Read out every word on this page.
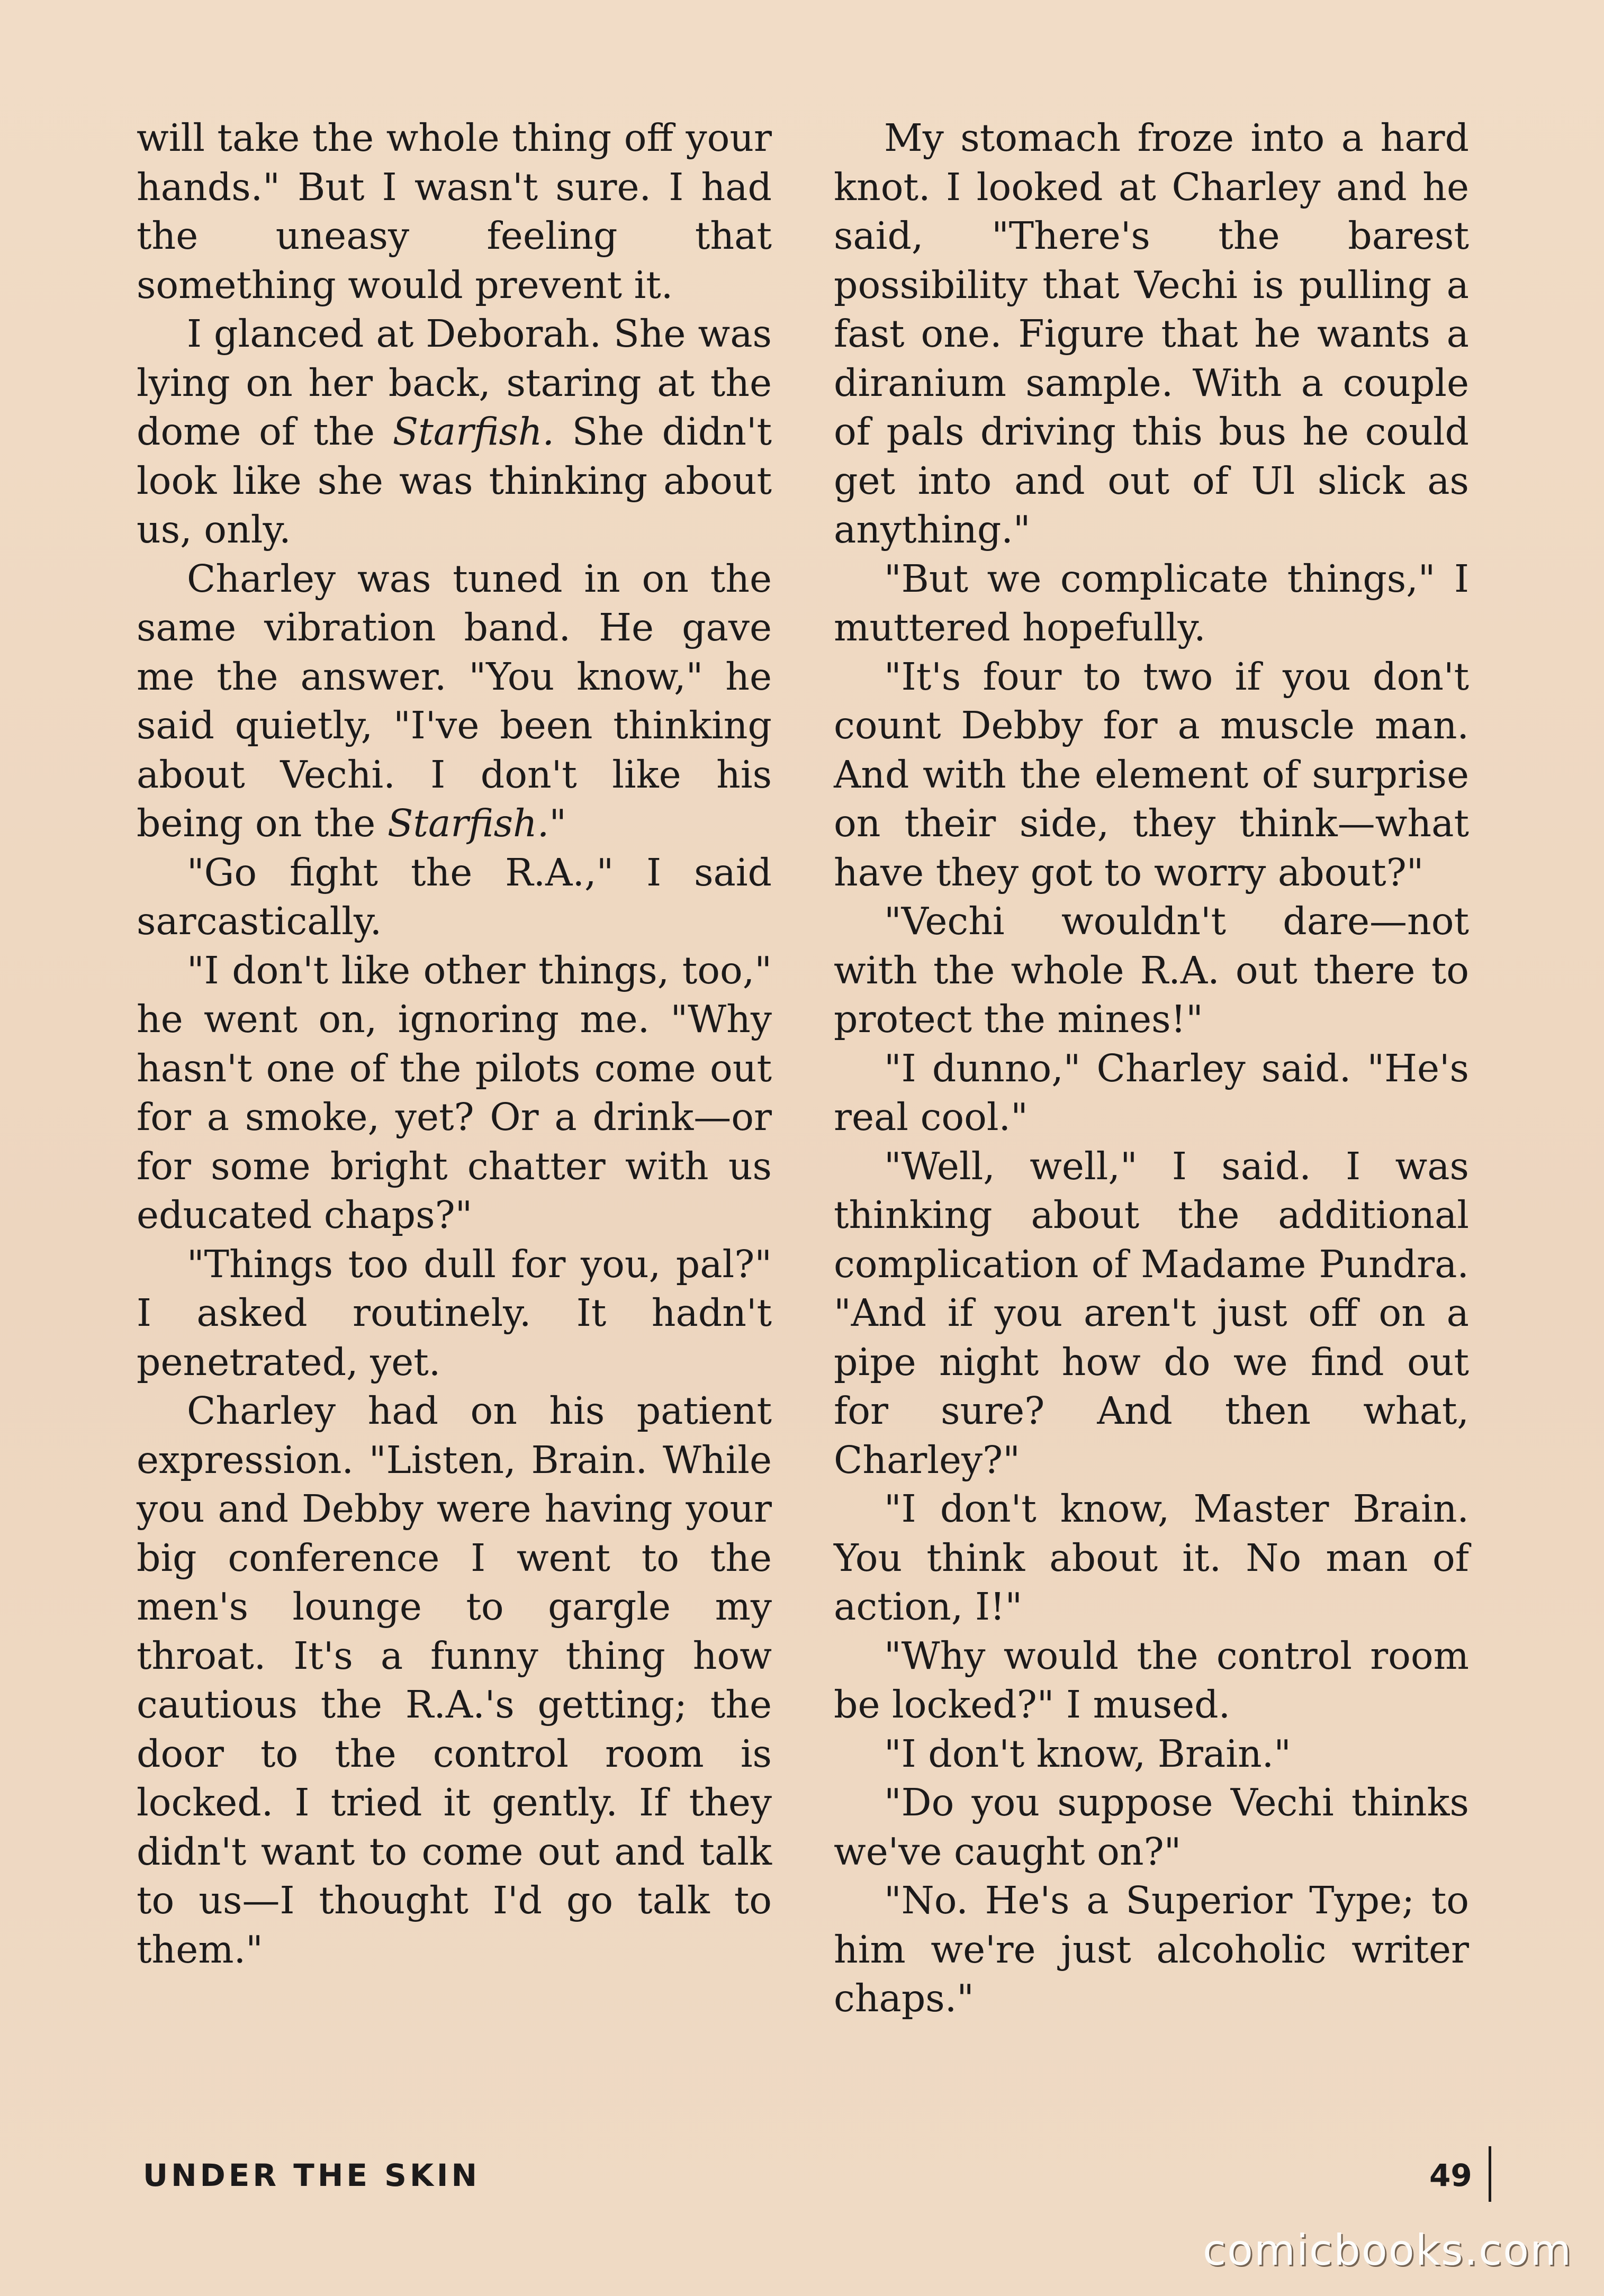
will take the whole thing off your hands." But I wasn't sure. I had the uneasy feeling that something would prevent it.

I glanced at Deborah. She was lying on her back, staring at the dome of the Starfish. She didn't look like she was thinking about us, only.

Charley was tuned in on the same vibration band. He gave me the answer. "You know," he said quietly, "I've been thinking about Vechi. I don't like his being on the Starfish."

"Go fight the R.A.," I said sarcastically.

"I don't like other things, too," he went on, ignoring me. "Why hasn't one of the pilots come out for a smoke, yet? Or a drink—or for some bright chatter with us educated chaps?"

"Things too dull for you, pal?" I asked routinely. It hadn't penetrated, yet.

Charley had on his patient expression. "Listen, Brain. While you and Debby were having your big conference I went to the men's lounge to gargle my throat. It's a funny thing how cautious the R.A.'s getting; the door to the control room is locked. I tried it gently. If they didn't want to come out and talk to us—I thought I'd go talk to them."

My stomach froze into a hard knot. I looked at Charley and he said, "There's the barest possibility that Vechi is pulling a fast one. Figure that he wants a diranium sample. With a couple of pals driving this bus he could get into and out of Ul slick as anything."

"But we complicate things," I muttered hopefully.

"It's four to two if you don't count Debby for a muscle man. And with the element of surprise on their side, they think—what have they got to worry about?"

"Vechi wouldn't dare—not with the whole R.A. out there to protect the mines!"

"I dunno," Charley said. "He's real cool."

"Well, well," I said. I was thinking about the additional complication of Madame Pundra. "And if you aren't just off on a pipe night how do we find out for sure? And then what, Charley?"

"I don't know, Master Brain. You think about it. No man of action, I!"

"Why would the control room be locked?" I mused.

"I don't know, Brain."

"Do you suppose Vechi thinks we've caught on?"

"No. He's a Superior Type; to him we're just alcoholic writer chaps."

UNDER THE SKIN	49
comicbooks.com
